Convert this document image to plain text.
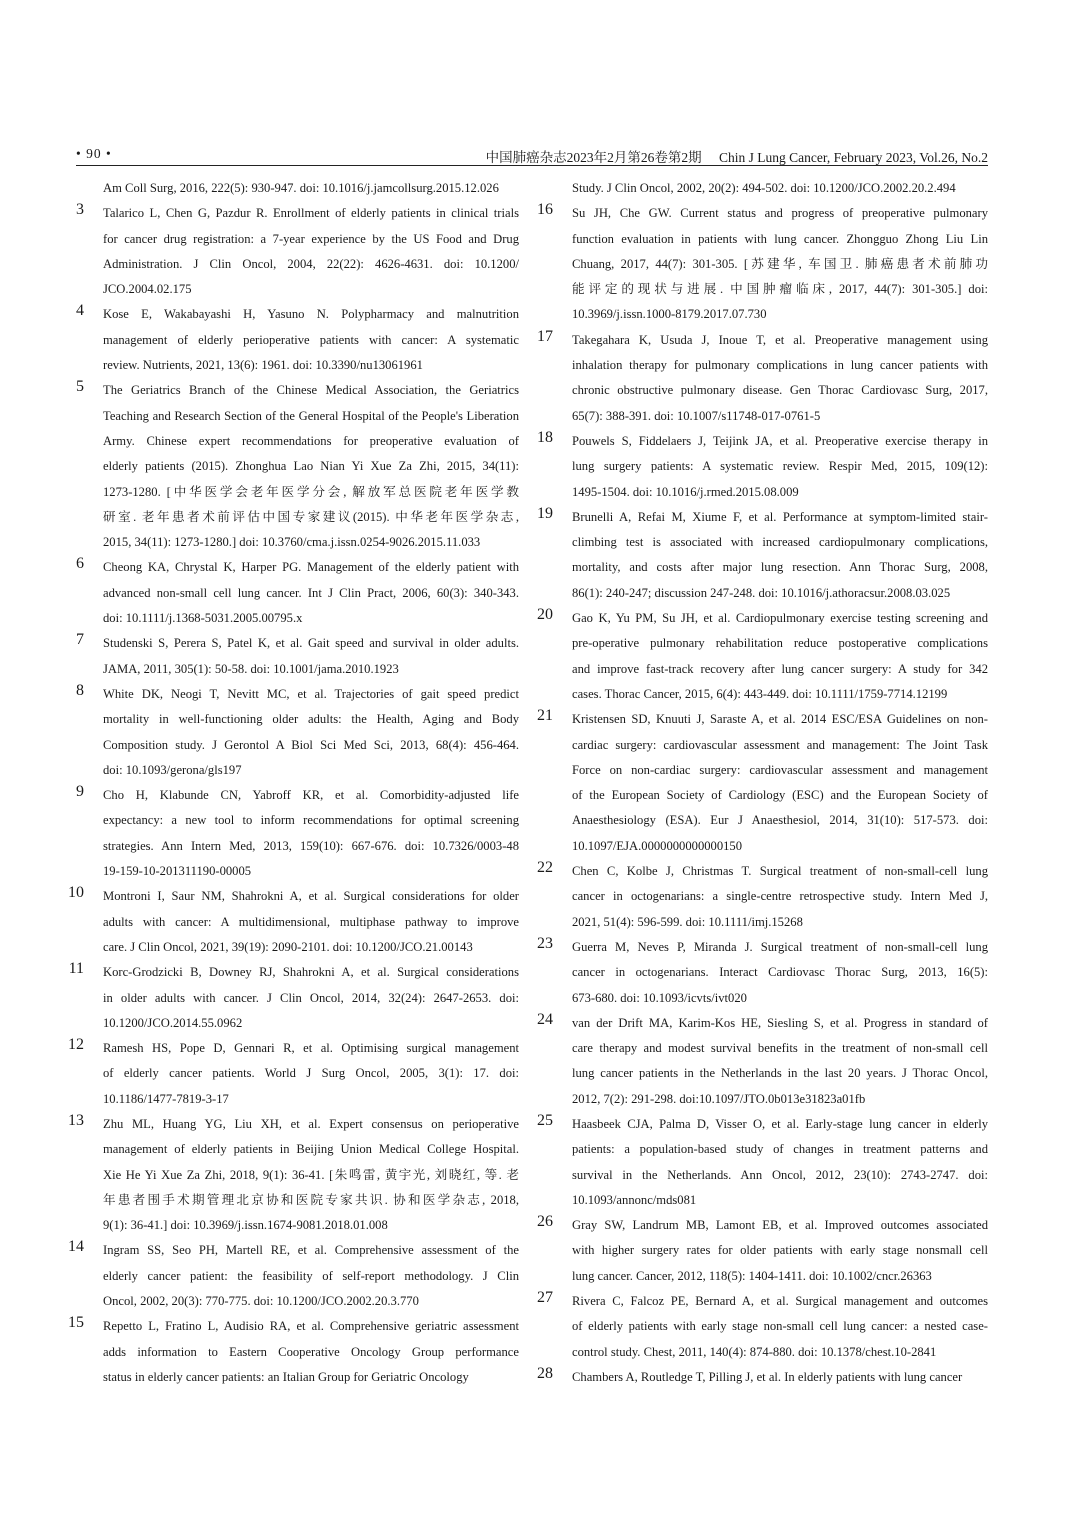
• 90 •	中国肺癌杂志2023年2月第26卷第2期 Chin J Lung Cancer, February 2023, Vol.26, No.2
Am Coll Surg, 2016, 222(5): 930-947. doi: 10.1016/j.jamcollsurg.2015.12.026
3 Talarico L, Chen G, Pazdur R. Enrollment of elderly patients in clinical trials
for cancer drug registration: a 7-year experience by the US Food and Drug
Administration. J Clin Oncol, 2004, 22(22): 4626-4631. doi: 10.1200/
JCO.2004.02.175
4 Kose E, Wakabayashi H, Yasuno N. Polypharmacy and malnutrition
management of elderly perioperative patients with cancer: A systematic
review. Nutrients, 2021, 13(6): 1961. doi: 10.3390/nu13061961
5 The Geriatrics Branch of the Chinese Medical Association, the Geriatrics
Teaching and Research Section of the General Hospital of the People's Liberation
Army. Chinese expert recommendations for preoperative evaluation of
elderly patients (2015). Zhonghua Lao Nian Yi Xue Za Zhi, 2015, 34(11):
1273-1280. [中华医学会老年医学分会, 解放军总医院老年医学教
研室. 老年患者术前评估中国专家建议(2015). 中华老年医学杂志,
2015, 34(11): 1273-1280.] doi: 10.3760/cma.j.issn.0254-9026.2015.11.033
6 Cheong KA, Chrystal K, Harper PG. Management of the elderly patient with
advanced non-small cell lung cancer. Int J Clin Pract, 2006, 60(3): 340-343.
doi: 10.1111/j.1368-5031.2005.00795.x
7 Studenski S, Perera S, Patel K, et al. Gait speed and survival in older adults.
JAMA, 2011, 305(1): 50-58. doi: 10.1001/jama.2010.1923
8 White DK, Neogi T, Nevitt MC, et al. Trajectories of gait speed predict
mortality in well-functioning older adults: the Health, Aging and Body
Composition study. J Gerontol A Biol Sci Med Sci, 2013, 68(4): 456-464.
doi: 10.1093/gerona/gls197
9 Cho H, Klabunde CN, Yabroff KR, et al. Comorbidity-adjusted life
expectancy: a new tool to inform recommendations for optimal screening
strategies. Ann Intern Med, 2013, 159(10): 667-676. doi: 10.7326/0003-48
19-159-10-201311190-00005
10 Montroni I, Saur NM, Shahrokni A, et al. Surgical considerations for older
adults with cancer: A multidimensional, multiphase pathway to improve
care. J Clin Oncol, 2021, 39(19): 2090-2101. doi: 10.1200/JCO.21.00143
11 Korc-Grodzicki B, Downey RJ, Shahrokni A, et al. Surgical considerations
in older adults with cancer. J Clin Oncol, 2014, 32(24): 2647-2653. doi:
10.1200/JCO.2014.55.0962
12 Ramesh HS, Pope D, Gennari R, et al. Optimising surgical management
of elderly cancer patients. World J Surg Oncol, 2005, 3(1): 17. doi:
10.1186/1477-7819-3-17
13 Zhu ML, Huang YG, Liu XH, et al. Expert consensus on perioperative
management of elderly patients in Beijing Union Medical College Hospital.
Xie He Yi Xue Za Zhi, 2018, 9(1): 36-41. [朱鸣雷, 黄宇光, 刘晓红, 等. 老
年患者围手术期管理北京协和医院专家共识. 协和医学杂志, 2018,
9(1): 36-41.] doi: 10.3969/j.issn.1674-9081.2018.01.008
14 Ingram SS, Seo PH, Martell RE, et al. Comprehensive assessment of the
elderly cancer patient: the feasibility of self-report methodology. J Clin
Oncol, 2002, 20(3): 770-775. doi: 10.1200/JCO.2002.20.3.770
15 Repetto L, Fratino L, Audisio RA, et al. Comprehensive geriatric assessment
adds information to Eastern Cooperative Oncology Group performance
status in elderly cancer patients: an Italian Group for Geriatric Oncology
Study. J Clin Oncol, 2002, 20(2): 494-502. doi: 10.1200/JCO.2002.20.2.494
16 Su JH, Che GW. Current status and progress of preoperative pulmonary
function evaluation in patients with lung cancer. Zhongguo Zhong Liu Lin
Chuang, 2017, 44(7): 301-305. [苏建华, 车国卫. 肺癌患者术前肺功
能评定的现状与进展. 中国肿瘤临床, 2017, 44(7): 301-305.] doi:
10.3969/j.issn.1000-8179.2017.07.730
17 Takegahara K, Usuda J, Inoue T, et al. Preoperative management using
inhalation therapy for pulmonary complications in lung cancer patients with
chronic obstructive pulmonary disease. Gen Thorac Cardiovasc Surg, 2017,
65(7): 388-391. doi: 10.1007/s11748-017-0761-5
18 Pouwels S, Fiddelaers J, Teijink JA, et al. Preoperative exercise therapy in
lung surgery patients: A systematic review. Respir Med, 2015, 109(12):
1495-1504. doi: 10.1016/j.rmed.2015.08.009
19 Brunelli A, Refai M, Xiume F, et al. Performance at symptom-limited stair-
climbing test is associated with increased cardiopulmonary complications,
mortality, and costs after major lung resection. Ann Thorac Surg, 2008,
86(1): 240-247; discussion 247-248. doi: 10.1016/j.athoracsur.2008.03.025
20 Gao K, Yu PM, Su JH, et al. Cardiopulmonary exercise testing screening and
pre-operative pulmonary rehabilitation reduce postoperative complications
and improve fast-track recovery after lung cancer surgery: A study for 342
cases. Thorac Cancer, 2015, 6(4): 443-449. doi: 10.1111/1759-7714.12199
21 Kristensen SD, Knuuti J, Saraste A, et al. 2014 ESC/ESA Guidelines on non-
cardiac surgery: cardiovascular assessment and management: The Joint Task
Force on non-cardiac surgery: cardiovascular assessment and management
of the European Society of Cardiology (ESC) and the European Society of
Anaesthesiology (ESA). Eur J Anaesthesiol, 2014, 31(10): 517-573. doi:
10.1097/EJA.0000000000000150
22 Chen C, Kolbe J, Christmas T. Surgical treatment of non-small-cell lung
cancer in octogenarians: a single-centre retrospective study. Intern Med J,
2021, 51(4): 596-599. doi: 10.1111/imj.15268
23 Guerra M, Neves P, Miranda J. Surgical treatment of non-small-cell lung
cancer in octogenarians. Interact Cardiovasc Thorac Surg, 2013, 16(5):
673-680. doi: 10.1093/icvts/ivt020
24 van der Drift MA, Karim-Kos HE, Siesling S, et al. Progress in standard of
care therapy and modest survival benefits in the treatment of non-small cell
lung cancer patients in the Netherlands in the last 20 years. J Thorac Oncol,
2012, 7(2): 291-298. doi:10.1097/JTO.0b013e31823a01fb
25 Haasbeek CJA, Palma D, Visser O, et al. Early-stage lung cancer in elderly
patients: a population-based study of changes in treatment patterns and
survival in the Netherlands. Ann Oncol, 2012, 23(10): 2743-2747. doi:
10.1093/annonc/mds081
26 Gray SW, Landrum MB, Lamont EB, et al. Improved outcomes associated
with higher surgery rates for older patients with early stage nonsmall cell
lung cancer. Cancer, 2012, 118(5): 1404-1411. doi: 10.1002/cncr.26363
27 Rivera C, Falcoz PE, Bernard A, et al. Surgical management and outcomes
of elderly patients with early stage non-small cell lung cancer: a nested case-
control study. Chest, 2011, 140(4): 874-880. doi: 10.1378/chest.10-2841
28 Chambers A, Routledge T, Pilling J, et al. In elderly patients with lung cancer
